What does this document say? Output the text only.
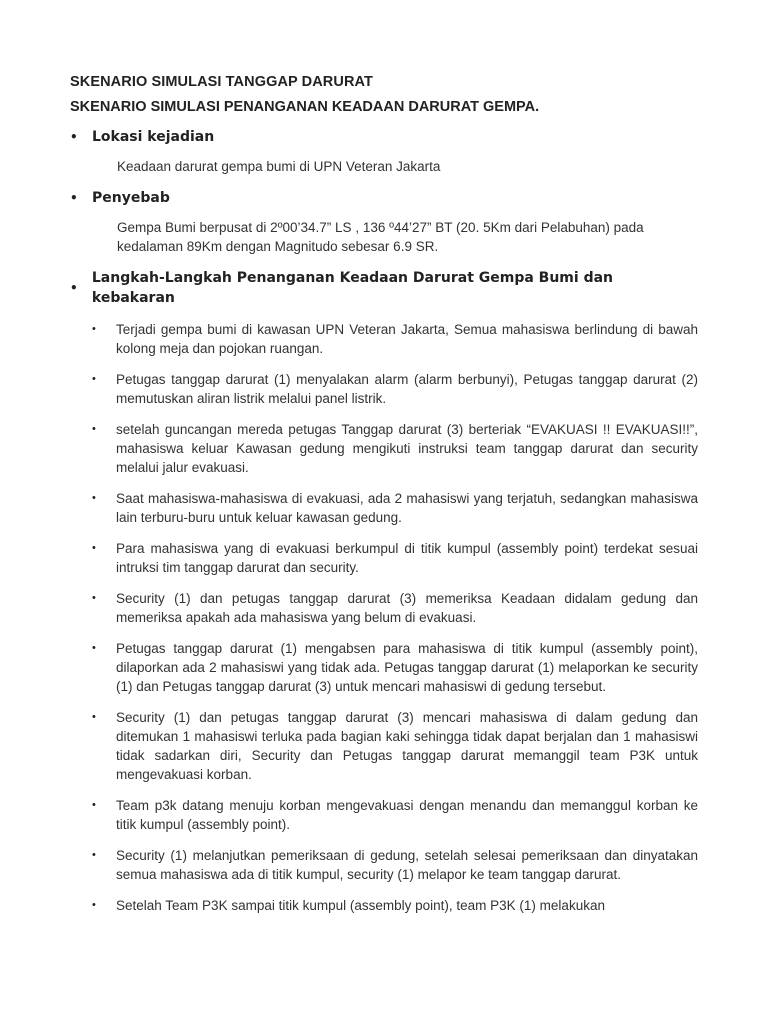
SKENARIO SIMULASI TANGGAP DARURAT
SKENARIO SIMULASI PENANGANAN KEADAAN DARURAT GEMPA.
•	Lokasi kejadian
Keadaan darurat gempa bumi di UPN Veteran Jakarta
•	Penyebab
Gempa Bumi berpusat di 2º00’34.7” LS , 136 º44’27” BT (20. 5Km dari Pelabuhan) pada kedalaman 89Km dengan Magnitudo sebesar 6.9 SR.
•
Langkah-Langkah Penanganan Keadaan Darurat Gempa Bumi dan kebakaran
• Terjadi gempa bumi di kawasan UPN Veteran Jakarta, Semua mahasiswa berlindung di bawah kolong meja dan pojokan ruangan.
• Petugas tanggap darurat (1) menyalakan alarm (alarm berbunyi), Petugas tanggap darurat (2) memutuskan aliran listrik melalui panel listrik.
• setelah guncangan mereda petugas Tanggap darurat (3) berteriak “EVAKUASI !! EVAKUASI!!”, mahasiswa keluar Kawasan gedung mengikuti instruksi team tanggap darurat dan security melalui jalur evakuasi.
• Saat mahasiswa-mahasiswa di evakuasi, ada 2 mahasiswi yang terjatuh, sedangkan mahasiswa lain terburu-buru untuk keluar kawasan gedung.
• Para mahasiswa yang di evakuasi berkumpul di titik kumpul (assembly point) terdekat sesuai intruksi tim tanggap darurat dan security.
• Security (1) dan petugas tanggap darurat (3) memeriksa Keadaan didalam gedung dan memeriksa apakah ada mahasiswa yang belum di evakuasi.
• Petugas tanggap darurat (1) mengabsen para mahasiswa di titik kumpul (assembly point), dilaporkan ada 2 mahasiswi yang tidak ada. Petugas tanggap darurat (1) melaporkan ke security (1) dan Petugas tanggap darurat (3) untuk mencari mahasiswi di gedung tersebut.
• Security (1) dan petugas tanggap darurat (3) mencari mahasiswa di dalam gedung dan ditemukan 1 mahasiswi terluka pada bagian kaki sehingga tidak dapat berjalan dan 1 mahasiswi tidak sadarkan diri, Security dan Petugas tanggap darurat memanggil team P3K untuk mengevakuasi korban.
• Team p3k datang menuju korban mengevakuasi dengan menandu dan memanggul korban ke titik kumpul (assembly point).
• Security (1) melanjutkan pemeriksaan di gedung, setelah selesai pemeriksaan dan dinyatakan semua mahasiswa ada di titik kumpul, security (1) melapor ke team tanggap darurat.
• Setelah Team P3K sampai titik kumpul (assembly point), team P3K (1) melakukan
